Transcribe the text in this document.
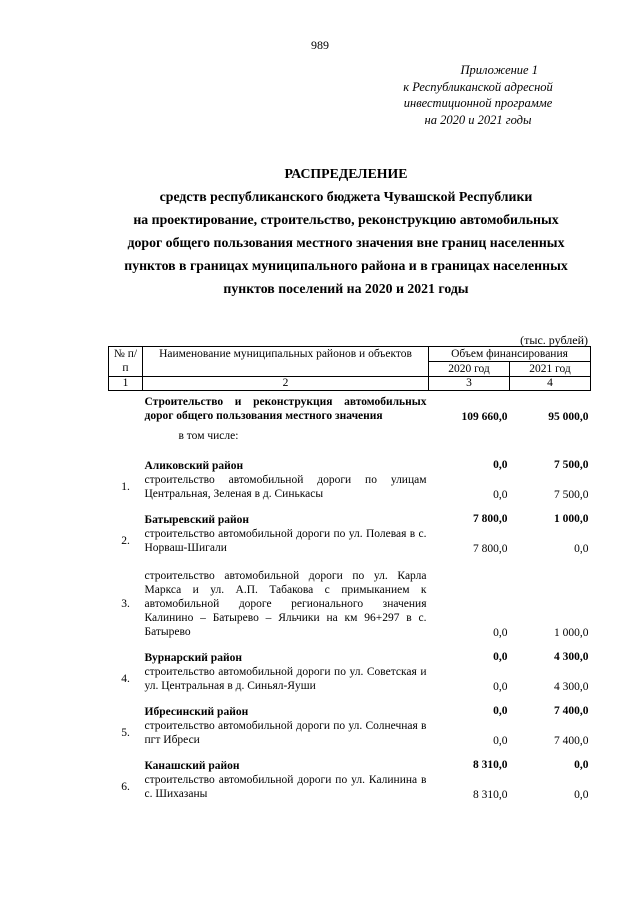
989
Приложение 1
к Республиканской адресной
инвестиционной программе
на 2020 и 2021 годы
РАСПРЕДЕЛЕНИЕ
средств республиканского бюджета Чувашской Республики
на проектирование, строительство, реконструкцию автомобильных
дорог общего пользования местного значения вне границ населенных
пунктов в границах муниципального района и в границах населенных
пунктов поселений на 2020 и 2021 годы
(тыс. рублей)
№ п/п	Наименование муниципальных районов и объектов	Объем финансирования	
		2020 год	2021 год
1	2	3	4

	Строительство и реконструкция автомобильных дорог общего пользования местного значения	109 660,0	95 000,0

	в том числе:		

	Аликовский район	0,0	7 500,0
1.	строительство автомобильной дороги по улицам Центральная, Зеленая в д. Синькасы	0,0	7 500,0

	Батыревский район	7 800,0	1 000,0
2.	строительство автомобильной дороги по ул. Полевая в с. Норваш-Шигали	7 800,0	0,0

3.	строительство автомобильной дороги по ул. Карла Маркса и ул. А.П. Табакова с примыканием к автомобильной дороге регионального значения Калинино – Батырево – Яльчики на км 96+297 в с. Батырево	0,0	1 000,0

	Вурнарский район	0,0	4 300,0
4.	строительство автомобильной дороги по ул. Советская и ул. Центральная в д. Синьял-Яуши	0,0	4 300,0

	Ибресинский район	0,0	7 400,0
5.	строительство автомобильной дороги по ул. Солнечная в пгт Ибреси	0,0	7 400,0

	Канашский район	8 310,0	0,0
6.	строительство автомобильной дороги по ул. Калинина в с. Шихазаны	8 310,0	0,0
